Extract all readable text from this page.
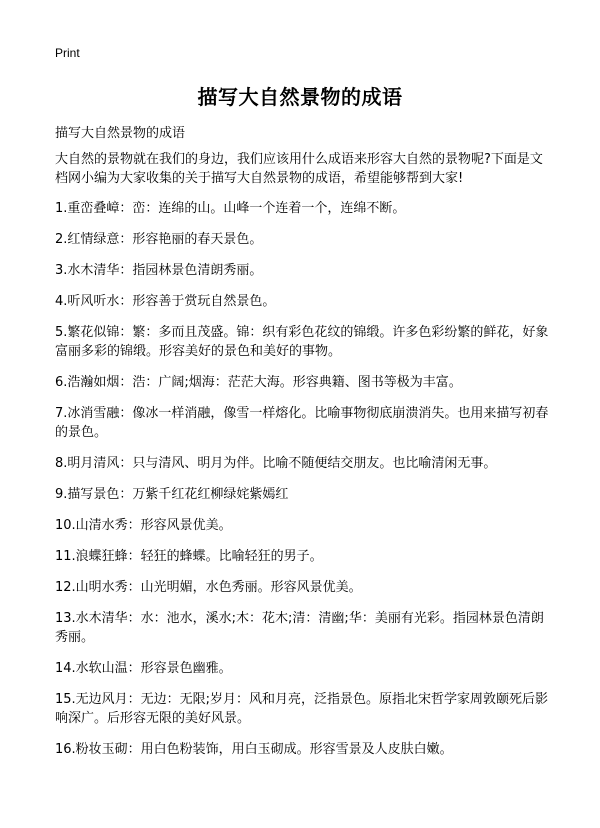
Print
描写大自然景物的成语
描写大自然景物的成语
大自然的景物就在我们的身边，我们应该用什么成语来形容大自然的景物呢?下面是文档网小编为大家收集的关于描写大自然景物的成语，希望能够帮到大家!

1.重峦叠嶂：峦：连绵的山。山峰一个连着一个，连绵不断。

2.红情绿意：形容艳丽的春天景色。

3.水木清华：指园林景色清朗秀丽。

4.听风听水：形容善于赏玩自然景色。

5.繁花似锦：繁：多而且茂盛。锦：织有彩色花纹的锦缎。许多色彩纷繁的鲜花，好象富丽多彩的锦缎。形容美好的景色和美好的事物。

6.浩瀚如烟：浩：广阔;烟海：茫茫大海。形容典籍、图书等极为丰富。

7.冰消雪融：像冰一样消融，像雪一样熔化。比喻事物彻底崩溃消失。也用来描写初春的景色。

8.明月清风：只与清风、明月为伴。比喻不随便结交朋友。也比喻清闲无事。

9.描写景色：万紫千红花红柳绿姹紫嫣红

10.山清水秀：形容风景优美。

11.浪蝶狂蜂：轻狂的蜂蝶。比喻轻狂的男子。

12.山明水秀：山光明媚，水色秀丽。形容风景优美。

13.水木清华：水：池水，溪水;木：花木;清：清幽;华：美丽有光彩。指园林景色清朗秀丽。

14.水软山温：形容景色幽雅。

15.无边风月：无边：无限;岁月：风和月亮，泛指景色。原指北宋哲学家周敦颐死后影响深广。后形容无限的美好风景。

16.粉妆玉砌：用白色粉装饰，用白玉砌成。形容雪景及人皮肤白嫩。
